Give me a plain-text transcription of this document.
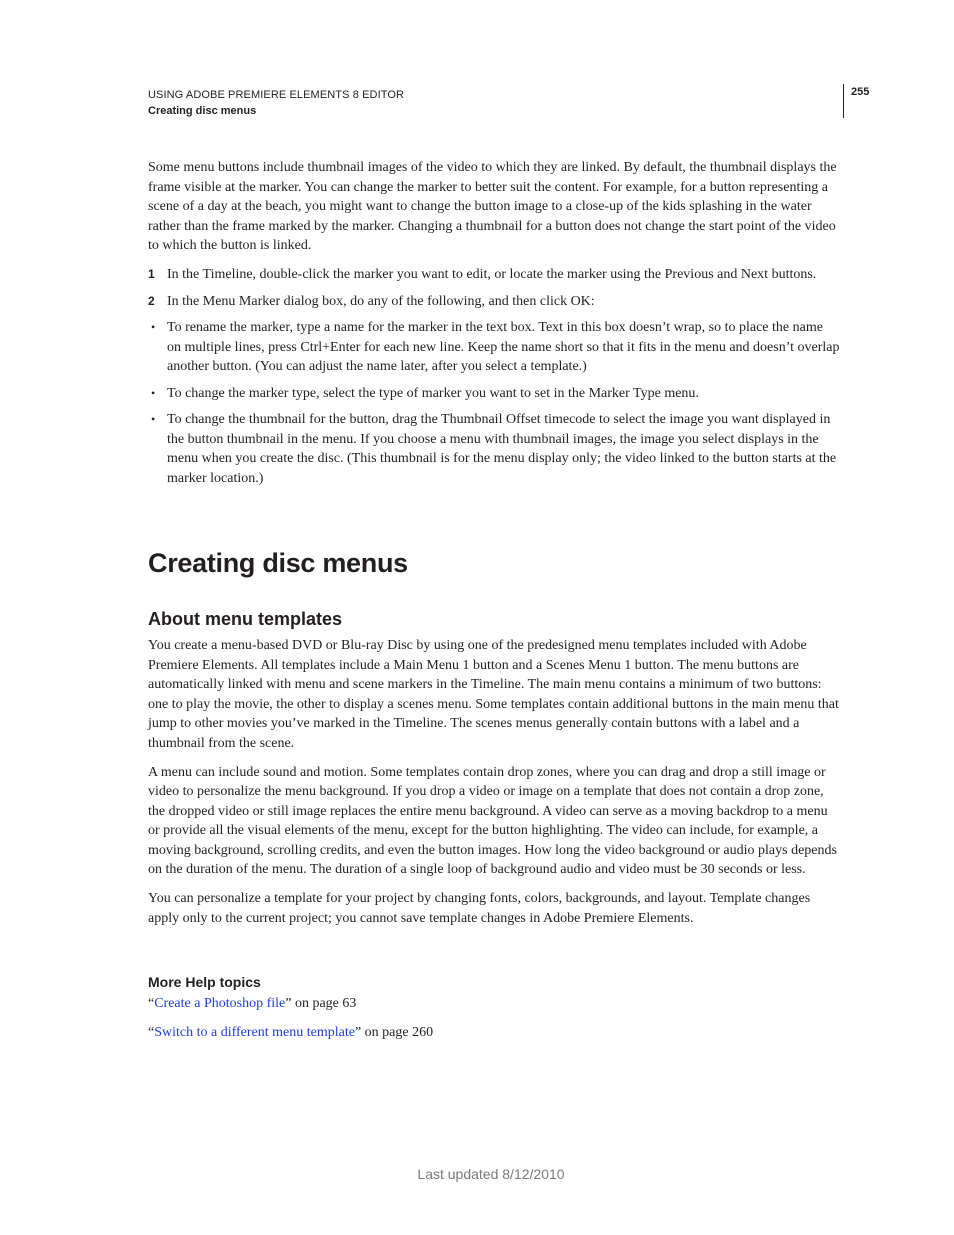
USING ADOBE PREMIERE ELEMENTS 8 EDITOR
Creating disc menus
255

Some menu buttons include thumbnail images of the video to which they are linked. By default, the thumbnail displays the frame visible at the marker. You can change the marker to better suit the content. For example, for a button representing a scene of a day at the beach, you might want to change the button image to a close-up of the kids splashing in the water rather than the frame marked by the marker. Changing a thumbnail for a button does not change the start point of the video to which the button is linked.

1 In the Timeline, double-click the marker you want to edit, or locate the marker using the Previous and Next buttons.

2 In the Menu Marker dialog box, do any of the following, and then click OK:

• To rename the marker, type a name for the marker in the text box. Text in this box doesn’t wrap, so to place the name on multiple lines, press Ctrl+Enter for each new line. Keep the name short so that it fits in the menu and doesn’t overlap another button. (You can adjust the name later, after you select a template.)

• To change the marker type, select the type of marker you want to set in the Marker Type menu.

• To change the thumbnail for the button, drag the Thumbnail Offset timecode to select the image you want displayed in the button thumbnail in the menu. If you choose a menu with thumbnail images, the image you select displays in the menu when you create the disc. (This thumbnail is for the menu display only; the video linked to the button starts at the marker location.)

Creating disc menus
About menu templates

You create a menu-based DVD or Blu-ray Disc by using one of the predesigned menu templates included with Adobe Premiere Elements. All templates include a Main Menu 1 button and a Scenes Menu 1 button. The menu buttons are automatically linked with menu and scene markers in the Timeline. The main menu contains a minimum of two buttons: one to play the movie, the other to display a scenes menu. Some templates contain additional buttons in the main menu that jump to other movies you’ve marked in the Timeline. The scenes menus generally contain buttons with a label and a thumbnail from the scene.

A menu can include sound and motion. Some templates contain drop zones, where you can drag and drop a still image or video to personalize the menu background. If you drop a video or image on a template that does not contain a drop zone, the dropped video or still image replaces the entire menu background. A video can serve as a moving backdrop to a menu or provide all the visual elements of the menu, except for the button highlighting. The video can include, for example, a moving background, scrolling credits, and even the button images. How long the video background or audio plays depends on the duration of the menu. The duration of a single loop of background audio and video must be 30 seconds or less.

You can personalize a template for your project by changing fonts, colors, backgrounds, and layout. Template changes apply only to the current project; you cannot save template changes in Adobe Premiere Elements.

More Help topics

“Create a Photoshop file” on page 63

“Switch to a different menu template” on page 260

Last updated 8/12/2010
